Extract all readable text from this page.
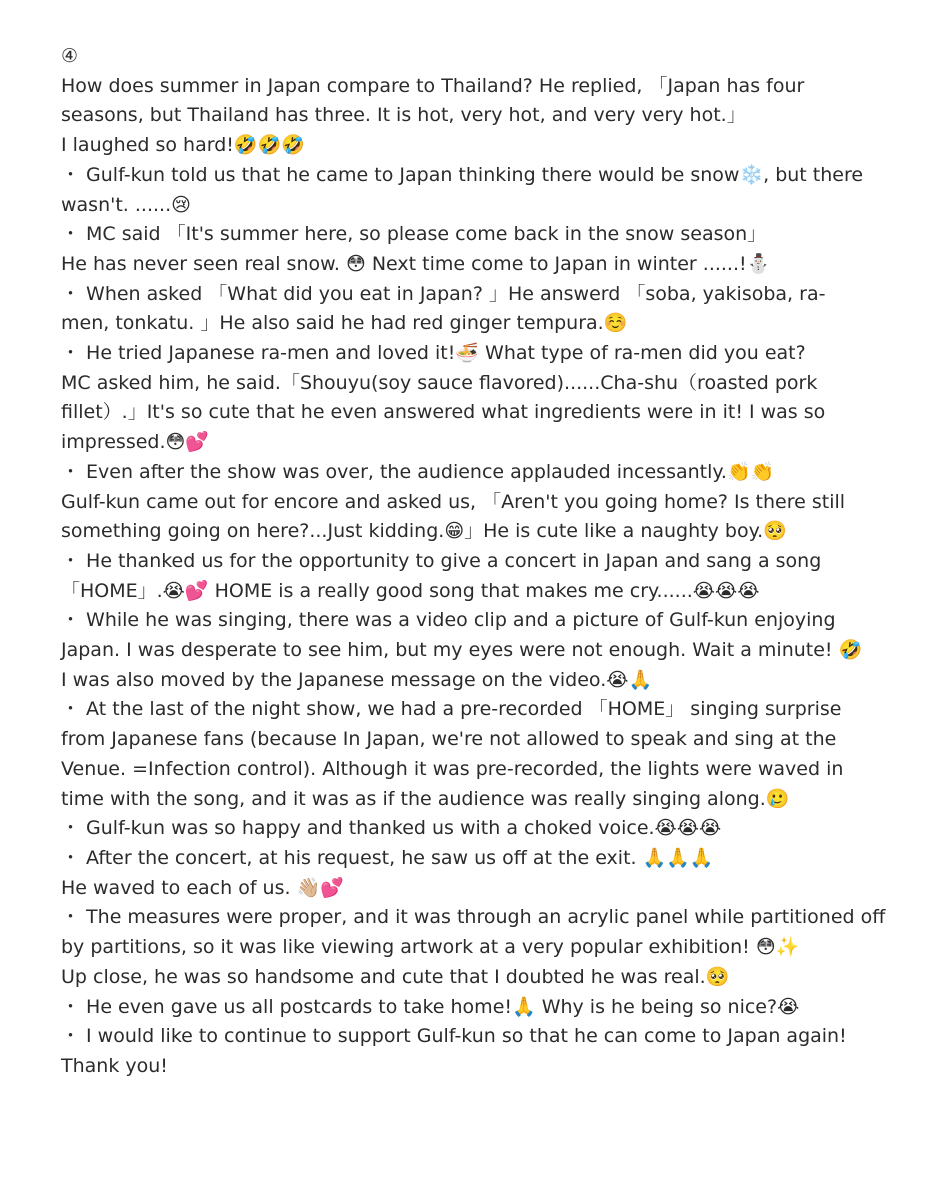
④
How does summer in Japan compare to Thailand? He replied, 「Japan has four
seasons, but Thailand has three. It is hot, very hot, and very very hot.」
I laughed so hard!🤣🤣🤣
・ Gulf-kun told us that he came to Japan thinking there would be snow❄️, but there
wasn't. ......😢
・ MC said 「It's summer here, so please come back in the snow season」
He has never seen real snow. 😳 Next time come to Japan in winter ......!⛄
・ When asked 「What did you eat in Japan? 」He answerd 「soba, yakisoba, ra-
men, tonkatu. 」He also said he had red ginger tempura.☺️
・ He tried Japanese ra-men and loved it!🍜 What type of ra-men did you eat?
MC asked him, he said.「Shouyu(soy sauce flavored)......Cha-shu（roasted pork
fillet）.」It's so cute that he even answered what ingredients were in it! I was so
impressed.😳💕
・ Even after the show was over, the audience applauded incessantly.👏👏
Gulf-kun came out for encore and asked us, 「Aren't you going home? Is there still
something going on here?...Just kidding.😁」He is cute like a naughty boy.🥺
・ He thanked us for the opportunity to give a concert in Japan and sang a song
「HOME」.😭💕 HOME is a really good song that makes me cry......😭😭😭
・ While he was singing, there was a video clip and a picture of Gulf-kun enjoying
Japan. I was desperate to see him, but my eyes were not enough. Wait a minute! 🤣
I was also moved by the Japanese message on the video.😭🙏
・ At the last of the night show, we had a pre-recorded 「HOME」 singing surprise
from Japanese fans (because In Japan, we're not allowed to speak and sing at the
Venue. =Infection control). Although it was pre-recorded, the lights were waved in
time with the song, and it was as if the audience was really singing along.🥲
・ Gulf-kun was so happy and thanked us with a choked voice.😭😭😭
・ After the concert, at his request, he saw us off at the exit. 🙏🙏🙏
He waved to each of us. 👋🏼💕
・ The measures were proper, and it was through an acrylic panel while partitioned off
by partitions, so it was like viewing artwork at a very popular exhibition! 😳✨
Up close, he was so handsome and cute that I doubted he was real.🥺
・ He even gave us all postcards to take home!🙏 Why is he being so nice?😭
・ I would like to continue to support Gulf-kun so that he can come to Japan again!
Thank you!
